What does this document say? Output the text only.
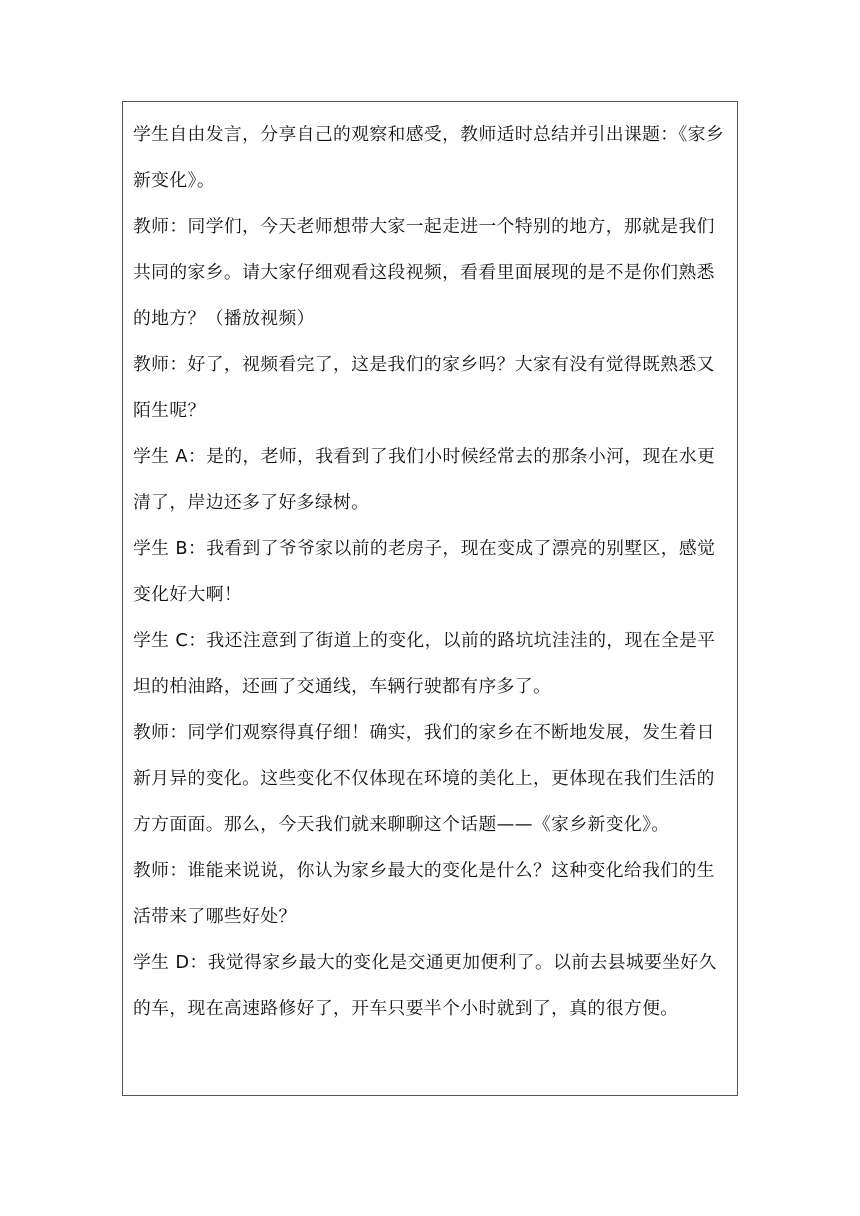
学生自由发言，分享自己的观察和感受，教师适时总结并引出课题：《家乡新变化》。

教师：同学们，今天老师想带大家一起走进一个特别的地方，那就是我们共同的家乡。请大家仔细观看这段视频，看看里面展现的是不是你们熟悉的地方？（播放视频）

教师：好了，视频看完了，这是我们的家乡吗？大家有没有觉得既熟悉又陌生呢？

学生 A：是的，老师，我看到了我们小时候经常去的那条小河，现在水更清了，岸边还多了好多绿树。

学生 B：我看到了爷爷家以前的老房子，现在变成了漂亮的别墅区，感觉变化好大啊！

学生 C：我还注意到了街道上的变化，以前的路坑坑洼洼的，现在全是平坦的柏油路，还画了交通线，车辆行驶都有序多了。

教师：同学们观察得真仔细！确实，我们的家乡在不断地发展，发生着日新月异的变化。这些变化不仅体现在环境的美化上，更体现在我们生活的方方面面。那么，今天我们就来聊聊这个话题——《家乡新变化》。

教师：谁能来说说，你认为家乡最大的变化是什么？这种变化给我们的生活带来了哪些好处？

学生 D：我觉得家乡最大的变化是交通更加便利了。以前去县城要坐好久的车，现在高速路修好了，开车只要半个小时就到了，真的很方便。
